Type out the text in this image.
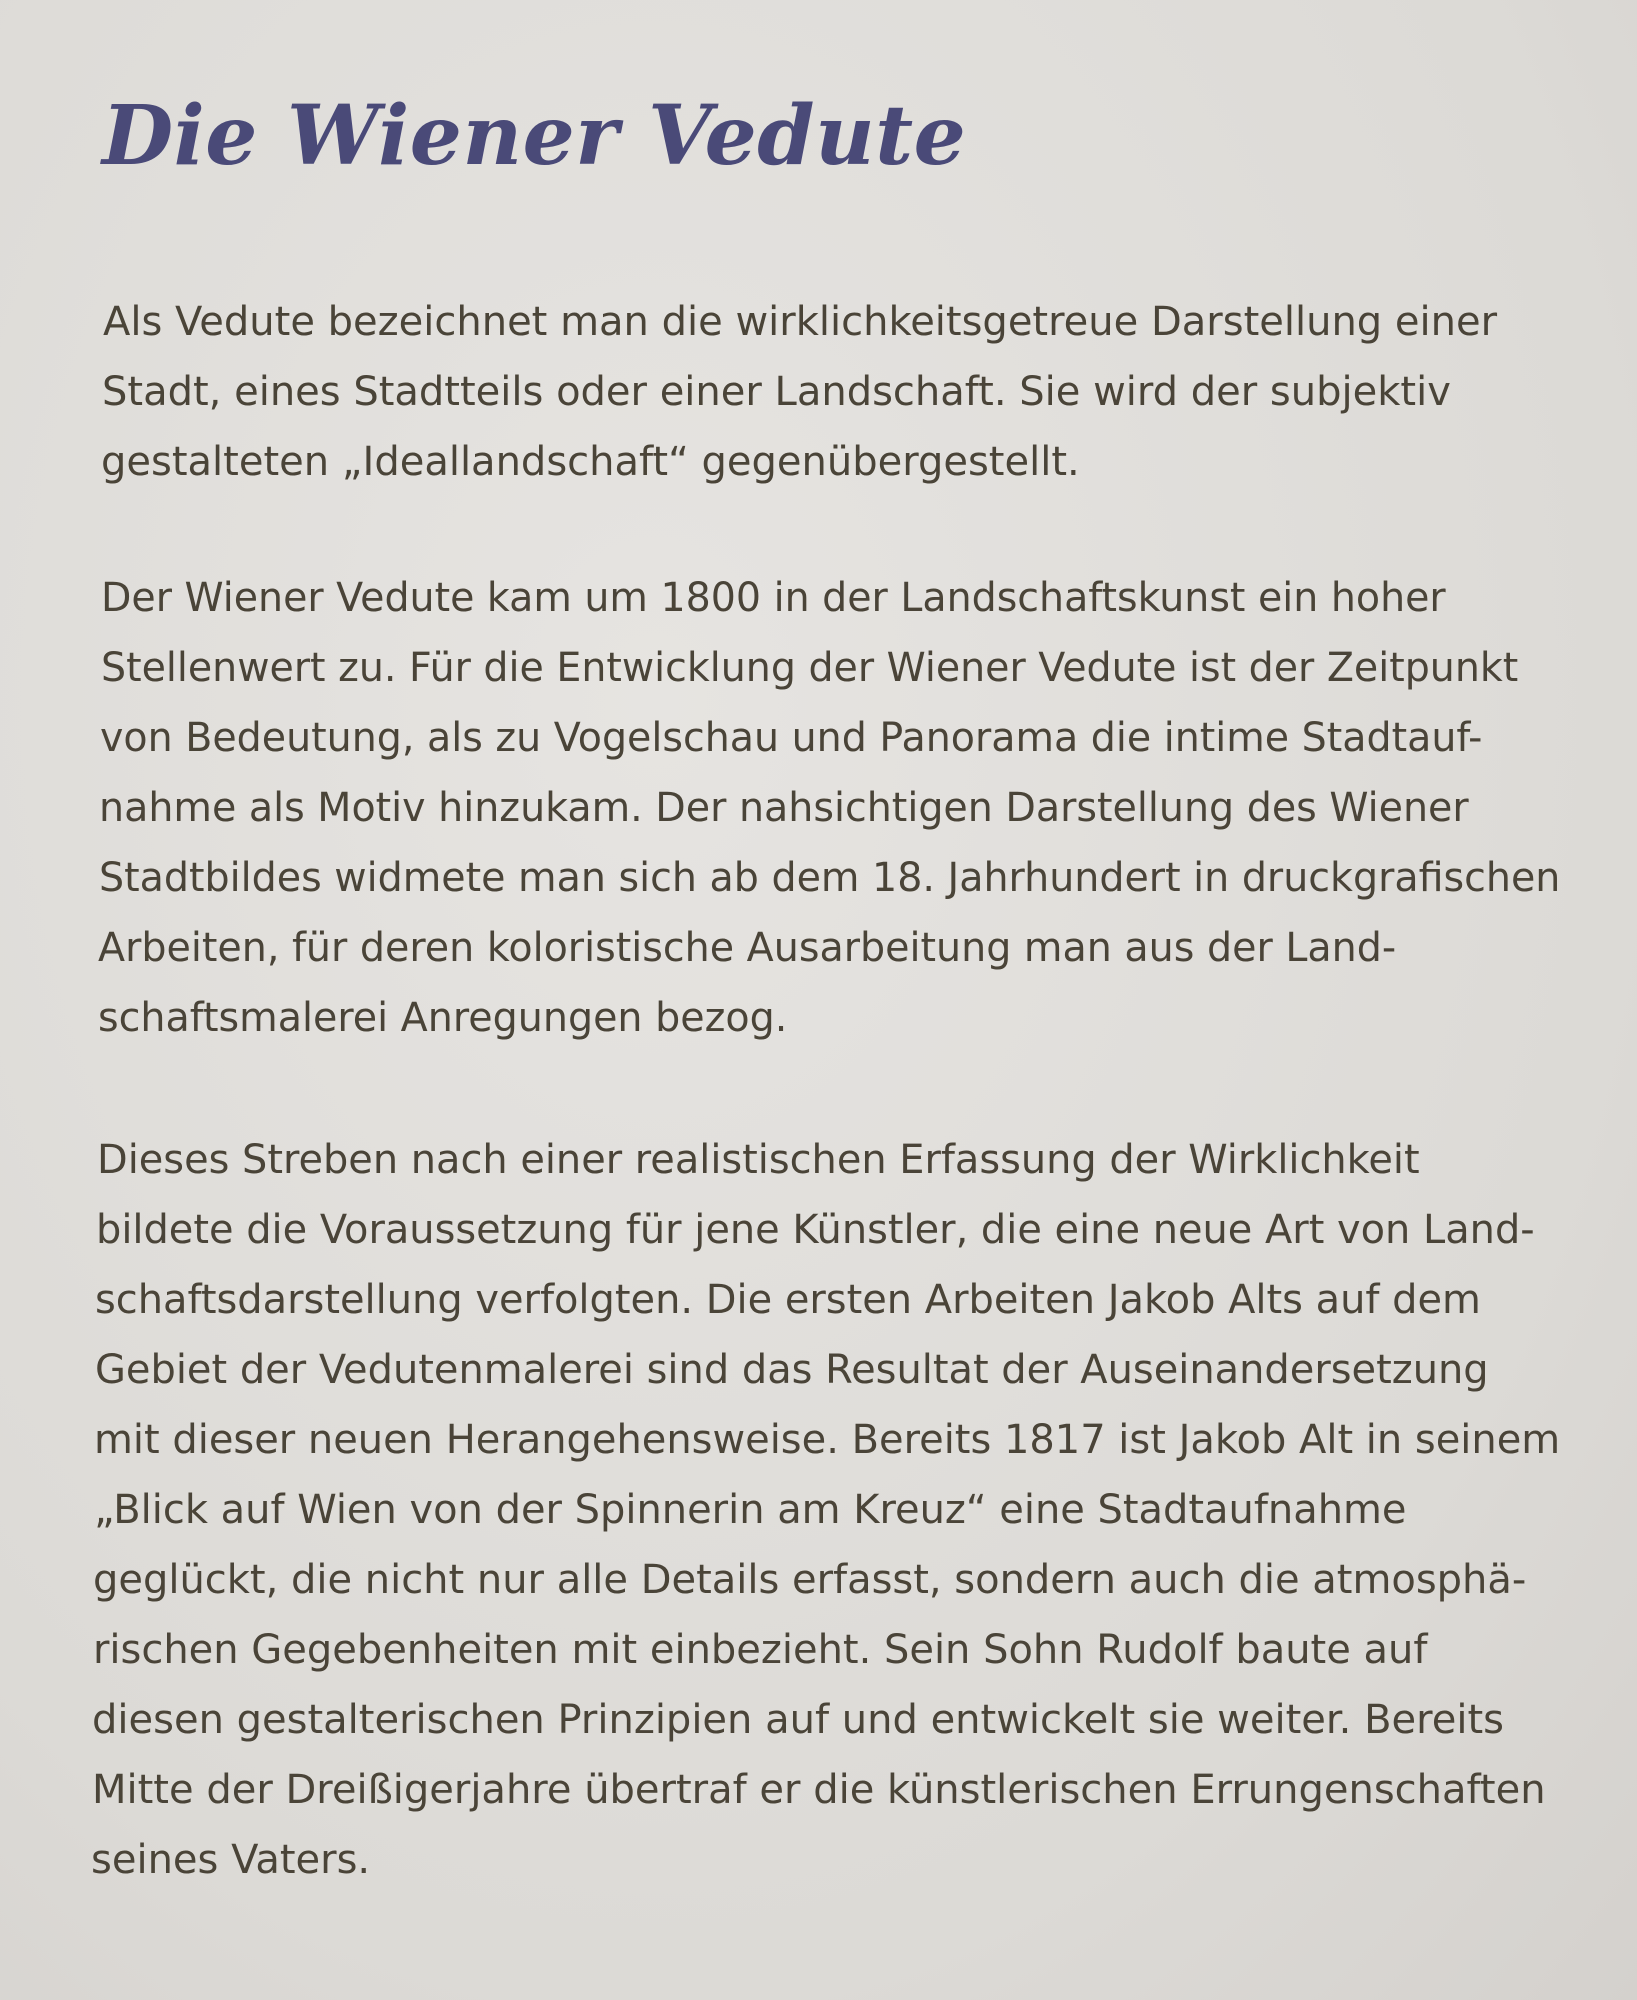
Die Wiener Vedute
Als Vedute bezeichnet man die wirklichkeitsgetreue Darstellung einer
Stadt, eines Stadtteils oder einer Landschaft. Sie wird der subjektiv
gestalteten „Ideallandschaft“ gegenübergestellt.
Der Wiener Vedute kam um 1800 in der Landschaftskunst ein hoher
Stellenwert zu. Für die Entwicklung der Wiener Vedute ist der Zeitpunkt
von Bedeutung, als zu Vogelschau und Panorama die intime Stadtauf-
nahme als Motiv hinzukam. Der nahsichtigen Darstellung des Wiener
Stadtbildes widmete man sich ab dem 18. Jahrhundert in druckgrafischen
Arbeiten, für deren koloristische Ausarbeitung man aus der Land-
schaftsmalerei Anregungen bezog.
Dieses Streben nach einer realistischen Erfassung der Wirklichkeit
bildete die Voraussetzung für jene Künstler, die eine neue Art von Land-
schaftsdarstellung verfolgten. Die ersten Arbeiten Jakob Alts auf dem
Gebiet der Vedutenmalerei sind das Resultat der Auseinandersetzung
mit dieser neuen Herangehensweise. Bereits 1817 ist Jakob Alt in seinem
„Blick auf Wien von der Spinnerin am Kreuz“ eine Stadtaufnahme
geglückt, die nicht nur alle Details erfasst, sondern auch die atmosphä-
rischen Gegebenheiten mit einbezieht. Sein Sohn Rudolf baute auf
diesen gestalterischen Prinzipien auf und entwickelt sie weiter. Bereits
Mitte der Dreißigerjahre übertraf er die künstlerischen Errungenschaften
seines Vaters.
